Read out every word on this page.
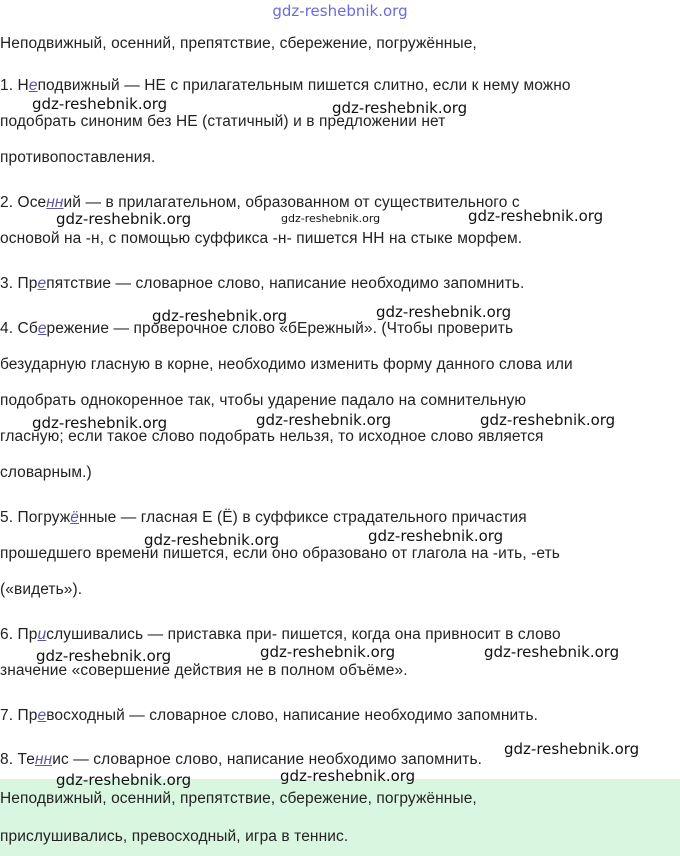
gdz-reshebnik.org
Неподвижный, осенний, препятствие, сбережение, погружённые,
1. Неподвижный — НЕ с прилагательным пишется слитно, если к нему можно
подобрать синоним без НЕ (статичный) и в предложении нет
противопоставления.
2. Осенний — в прилагательном, образованном от существительного с
основой на -н, с помощью суффикса -н- пишется НН на стыке морфем.
3. Препятствие — словарное слово, написание необходимо запомнить.
4. Сбережение — проверочное слово «бЕрежный». (Чтобы проверить
безударную гласную в корне, необходимо изменить форму данного слова или
подобрать однокоренное так, чтобы ударение падало на сомнительную
гласную; если такое слово подобрать нельзя, то исходное слово является
словарным.)
5. Погружённые — гласная Е (Ё) в суффиксе страдательного причастия
прошедшего времени пишется, если оно образовано от глагола на -ить, -еть
(«видеть»).
6. Прислушивались — приставка при- пишется, когда она привносит в слово
значение «совершение действия не в полном объёме».
7. Превосходный — словарное слово, написание необходимо запомнить.
8. Теннис — словарное слово, написание необходимо запомнить.
Неподвижный, осенний, препятствие, сбережение, погружённые,
прислушивались, превосходный, игра в теннис.
gdz-reshebnik.org	gdz-reshebnik.org
gdz-reshebnik.org	gdz-reshebnik.org	gdz-reshebnik.org
gdz-reshebnik.org	gdz-reshebnik.org
gdz-reshebnik.org	gdz-reshebnik.org	gdz-reshebnik.org
gdz-reshebnik.org	gdz-reshebnik.org
gdz-reshebnik.org	gdz-reshebnik.org	gdz-reshebnik.org
gdz-reshebnik.org
gdz-reshebnik.org	gdz-reshebnik.org
